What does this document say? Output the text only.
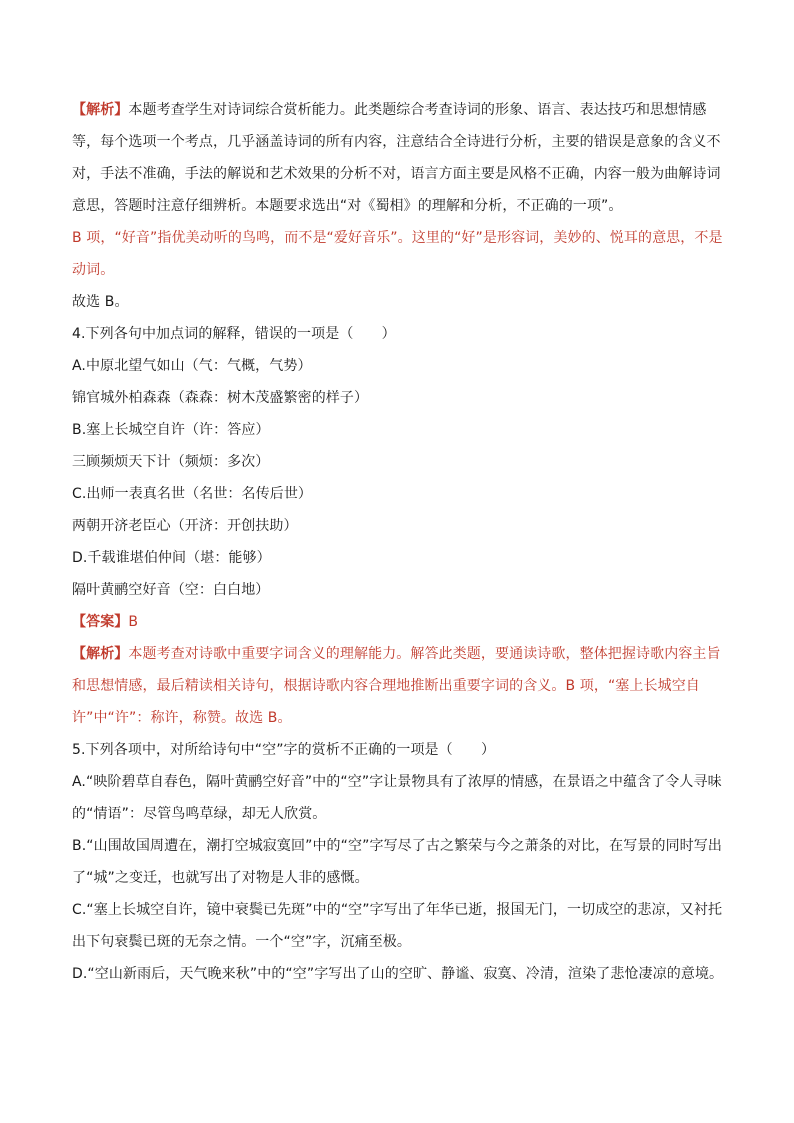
【解析】本题考查学生对诗词综合赏析能力。此类题综合考查诗词的形象、语言、表达技巧和思想情感等，每个选项一个考点，几乎涵盖诗词的所有内容，注意结合全诗进行分析，主要的错误是意象的含义不对，手法不准确，手法的解说和艺术效果的分析不对，语言方面主要是风格不正确，内容一般为曲解诗词意思，答题时注意仔细辨析。本题要求选出“对《蜀相》的理解和分析，不正确的一项”。

B 项，“好音”指优美动听的鸟鸣，而不是“爱好音乐”。这里的“好”是形容词，美妙的、悦耳的意思，不是动词。

故选 B。

4.下列各句中加点词的解释，错误的一项是（　　）

A.中原北望气如山（气：气概，气势）

锦官城外柏森森（森森：树木茂盛繁密的样子）

B.塞上长城空自许（许：答应）

三顾频烦天下计（频烦：多次）

C.出师一表真名世（名世：名传后世）

两朝开济老臣心（开济：开创扶助）

D.千载谁堪伯仲间（堪：能够）

隔叶黄鹂空好音（空：白白地）

【答案】B

【解析】本题考查对诗歌中重要字词含义的理解能力。解答此类题，要通读诗歌，整体把握诗歌内容主旨和思想情感，最后精读相关诗句，根据诗歌内容合理地推断出重要字词的含义。B 项，“塞上长城空自许”中“许”：称许，称赞。故选 B。

5.下列各项中，对所给诗句中“空”字的赏析不正确的一项是（　　）

A.“映阶碧草自春色，隔叶黄鹂空好音”中的“空”字让景物具有了浓厚的情感，在景语之中蕴含了令人寻味的“情语”：尽管鸟鸣草绿，却无人欣赏。

B.“山围故国周遭在，潮打空城寂寞回”中的“空”字写尽了古之繁荣与今之萧条的对比，在写景的同时写出了“城”之变迁，也就写出了对物是人非的感慨。

C.“塞上长城空自许，镜中衰鬓已先斑”中的“空”字写出了年华已逝，报国无门，一切成空的悲凉，又衬托出下句衰鬓已斑的无奈之情。一个“空”字，沉痛至极。

D.“空山新雨后，天气晚来秋”中的“空”字写出了山的空旷、静谧、寂寞、冷清，渲染了悲怆凄凉的意境。
